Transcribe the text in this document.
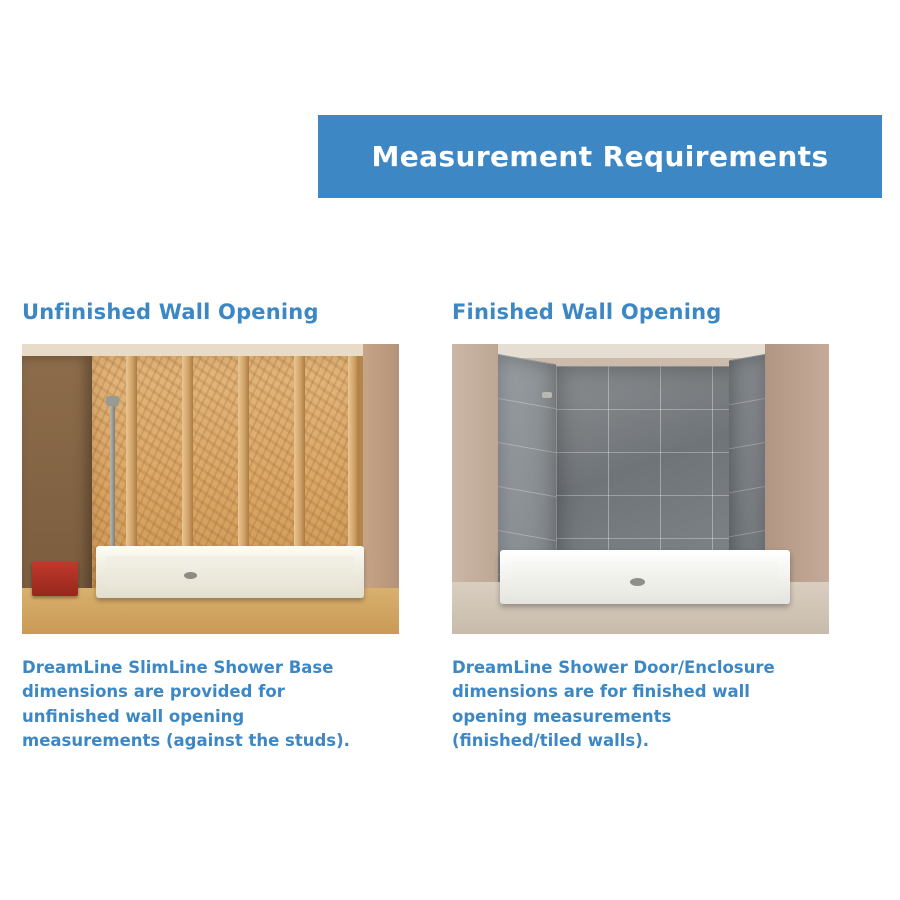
Measurement Requirements
Unfinished Wall Opening

DreamLine SlimLine Shower Base dimensions are provided for unfinished wall opening measurements (against the studs).

Finished Wall Opening

DreamLine Shower Door/Enclosure dimensions are for finished wall opening measurements (finished/tiled walls).
